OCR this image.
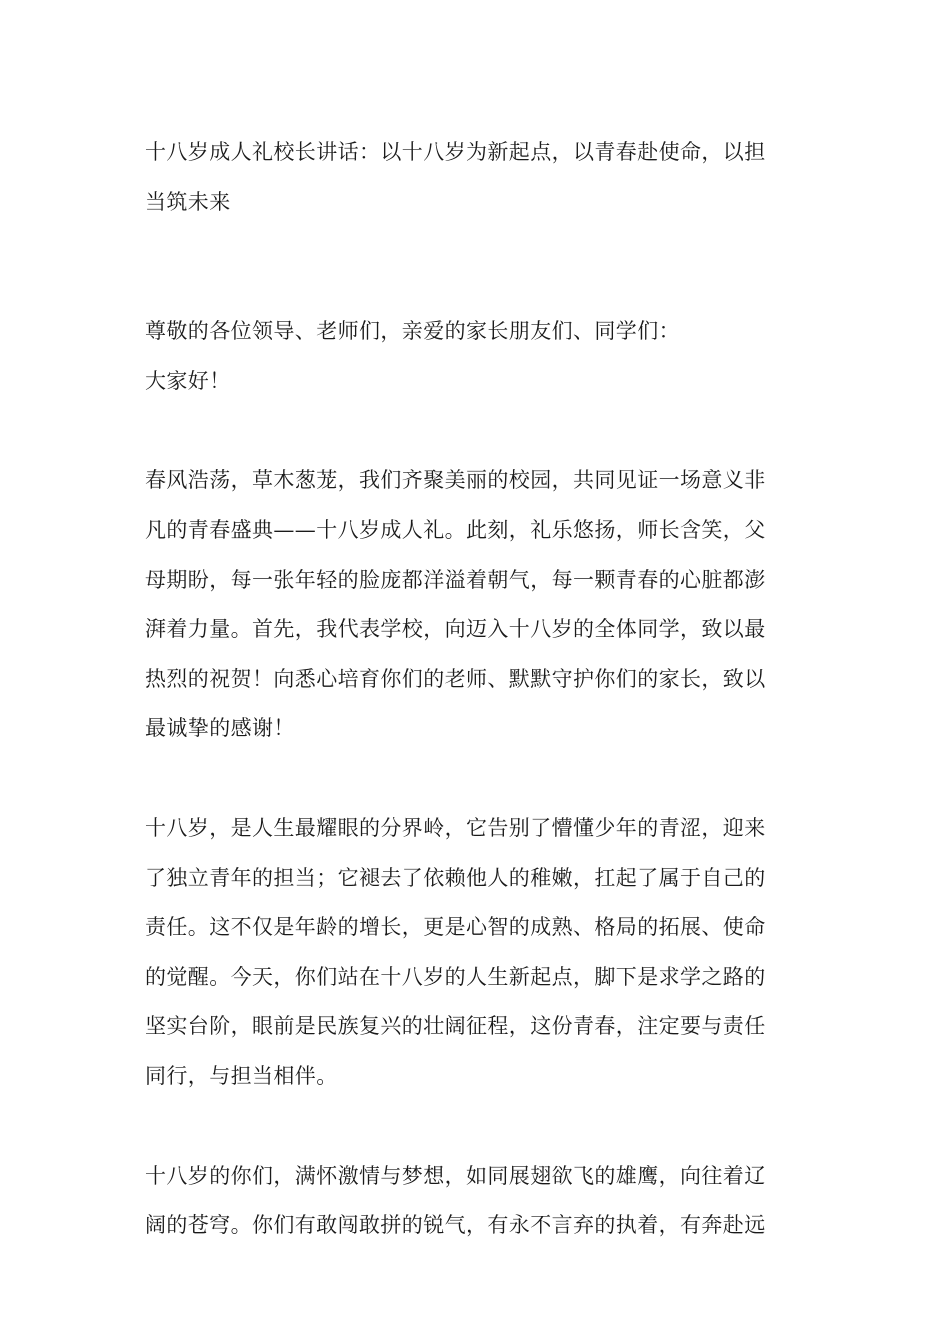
十八岁成人礼校长讲话：以十八岁为新起点，以青春赴使命，以担
当筑未来
尊敬的各位领导、老师们，亲爱的家长朋友们、同学们：
大家好！
春风浩荡，草木葱茏，我们齐聚美丽的校园，共同见证一场意义非
凡的青春盛典——十八岁成人礼。此刻，礼乐悠扬，师长含笑，父
母期盼，每一张年轻的脸庞都洋溢着朝气，每一颗青春的心脏都澎
湃着力量。首先，我代表学校，向迈入十八岁的全体同学，致以最
热烈的祝贺！向悉心培育你们的老师、默默守护你们的家长，致以
最诚挚的感谢！
十八岁，是人生最耀眼的分界岭，它告别了懵懂少年的青涩，迎来
了独立青年的担当；它褪去了依赖他人的稚嫩，扛起了属于自己的
责任。这不仅是年龄的增长，更是心智的成熟、格局的拓展、使命
的觉醒。今天，你们站在十八岁的人生新起点，脚下是求学之路的
坚实台阶，眼前是民族复兴的壮阔征程，这份青春，注定要与责任
同行，与担当相伴。
十八岁的你们，满怀激情与梦想，如同展翅欲飞的雄鹰，向往着辽
阔的苍穹。你们有敢闯敢拼的锐气，有永不言弃的执着，有奔赴远
